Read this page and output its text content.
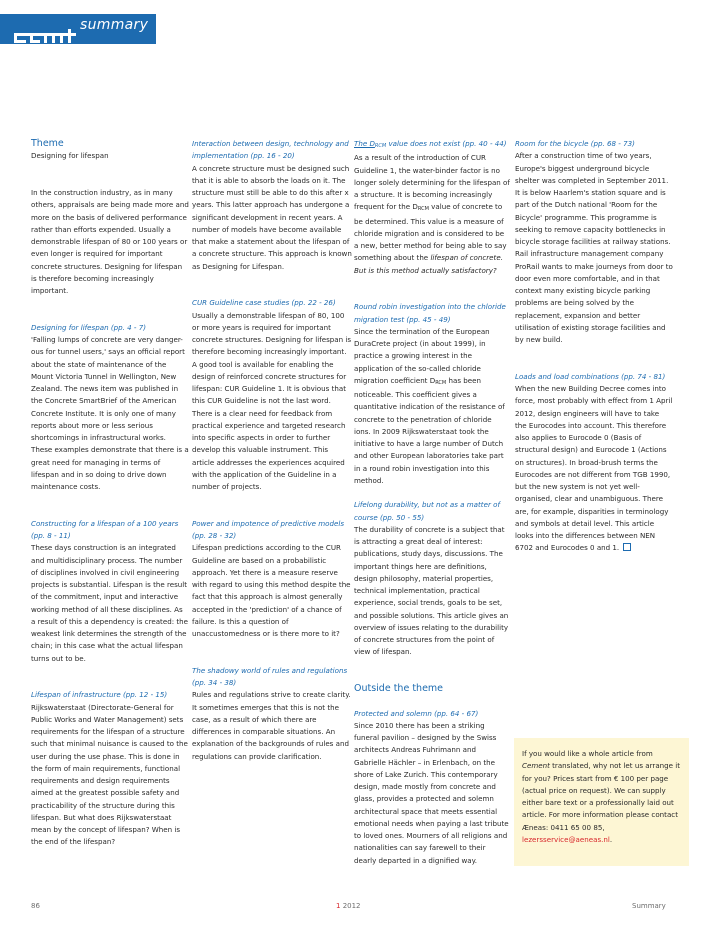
summary

Theme

Designing for lifespan

In the construction industry, as in many others, appraisals are being made more and more on the basis of delivered performance rather than efforts expended. Usually a demonstrable lifespan of 80 or 100 years or even longer is required for important concrete structures. Designing for lifespan is therefore becoming increasingly important.

Designing for lifespan (pp. 4 - 7)

'Falling lumps of concrete are very danger-ous for tunnel users,' says an official report about the state of maintenance of the Mount Victoria Tunnel in Wellington, New Zealand. The news item was published in the Concrete SmartBrief of the American Concrete Institute. It is only one of many reports about more or less serious shortcomings in infrastructural works. These examples demonstrate that there is a great need for managing in terms of lifespan and in so doing to drive down maintenance costs.

Constructing for a lifespan of a 100 years (pp. 8 - 11)

These days construction is an integrated and multidisciplinary process. The number of disciplines involved in civil engineering projects is substantial. Lifespan is the result of the commitment, input and interactive working method of all these disciplines. As a result of this a dependency is created: the weakest link determines the strength of the chain; in this case what the actual lifespan turns out to be.

Lifespan of infrastructure (pp. 12 - 15)

Rijkswaterstaat (Directorate-General for Public Works and Water Management) sets requirements for the lifespan of a structure such that minimal nuisance is caused to the user during the use phase. This is done in the form of main requirements, functional requirements and design requirements aimed at the greatest possible safety and practicability of the structure during this lifespan. But what does Rijkswaterstaat mean by the concept of lifespan? When is the end of the lifespan?

Interaction between design, technology and implementation (pp. 16 - 20)

A concrete structure must be designed such that it is able to absorb the loads on it. The structure must still be able to do this after x years. This latter approach has undergone a significant development in recent years. A number of models have become available that make a statement about the lifespan of a concrete structure. This approach is known as Designing for Lifespan.

CUR Guideline case studies (pp. 22 - 26)

Usually a demonstrable lifespan of 80, 100 or more years is required for important concrete structures. Designing for lifespan is therefore becoming increasingly important. A good tool is available for enabling the design of reinforced concrete structures for lifespan: CUR Guideline 1. It is obvious that this CUR Guideline is not the last word. There is a clear need for feedback from practical experience and targeted research into specific aspects in order to further develop this valuable instrument. This article addresses the experiences acquired with the application of the Guideline in a number of projects.

Power and impotence of predictive models (pp. 28 - 32)

Lifespan predictions according to the CUR Guideline are based on a probabilistic approach. Yet there is a measure reserve with regard to using this method despite the fact that this approach is almost generally accepted in the 'prediction' of a chance of failure. Is this a question of unaccustomedness or is there more to it?

The shadowy world of rules and regulations (pp. 34 - 38)

Rules and regulations strive to create clarity. It sometimes emerges that this is not the case, as a result of which there are differences in comparable situations. An explanation of the backgrounds of rules and regulations can provide clarification.

The DRCM value does not exist (pp. 40 - 44)

As a result of the introduction of CUR Guideline 1, the water-binder factor is no longer solely determining for the lifespan of a structure. It is becoming increasingly frequent for the DRCM value of concrete to be determined. This value is a measure of chloride migration and is considered to be a new, better method for being able to say something about the lifespan of concrete. But is this method actually satisfactory?

Round robin investigation into the chloride migration test (pp. 45 - 49)

Since the termination of the European DuraCrete project (in about 1999), in practice a growing interest in the application of the so-called chloride migration coefficient DRCM has been noticeable. This coefficient gives a quantitative indication of the resistance of concrete to the penetration of chloride ions. In 2009 Rijkswaterstaat took the initiative to have a large number of Dutch and other European laboratories take part in a round robin investigation into this method.

Lifelong durability, but not as a matter of course (pp. 50 - 55)

The durability of concrete is a subject that is attracting a great deal of interest: publications, study days, discussions. The important things here are definitions, design philosophy, material properties, technical implementation, practical experience, social trends, goals to be set, and possible solutions. This article gives an overview of issues relating to the durability of concrete structures from the point of view of lifespan.

Outside the theme

Protected and solemn (pp. 64 - 67)

Since 2010 there has been a striking funeral pavilion – designed by the Swiss architects Andreas Fuhrimann and Gabrielle Hächler – in Erlenbach, on the shore of Lake Zurich. This contemporary design, made mostly from concrete and glass, provides a protected and solemn architectural space that meets essential emotional needs when paying a last tribute to loved ones. Mourners of all religions and nationalities can say farewell to their dearly departed in a dignified way.

Room for the bicycle (pp. 68 - 73)

After a construction time of two years, Europe's biggest underground bicycle shelter was completed in September 2011. It is below Haarlem's station square and is part of the Dutch national 'Room for the Bicycle' programme. This programme is seeking to remove capacity bottlenecks in bicycle storage facilities at railway stations. Rail infrastructure management company ProRail wants to make journeys from door to door even more comfortable, and in that context many existing bicycle parking problems are being solved by the replacement, expansion and better utilisation of existing storage facilities and by new build.

Loads and load combinations (pp. 74 - 81)

When the new Building Decree comes into force, most probably with effect from 1 April 2012, design engineers will have to take the Eurocodes into account. This therefore also applies to Eurocode 0 (Basis of structural design) and Eurocode 1 (Actions on structures). In broad-brush terms the Eurocodes are not different from TGB 1990, but the new system is not yet well-organised, clear and unambiguous. There are, for example, disparities in terminology and symbols at detail level. This article looks into the differences between NEN 6702 and Eurocodes 0 and 1.

If you would like a whole article from Cement translated, why not let us arrange it for you? Prices start from € 100 per page (actual price on request). We can supply either bare text or a professionally laid out article. For more information please contact Æneas: 0411 65 00 85, lezersservice@aeneas.nl.

86	1 2012	Summary
